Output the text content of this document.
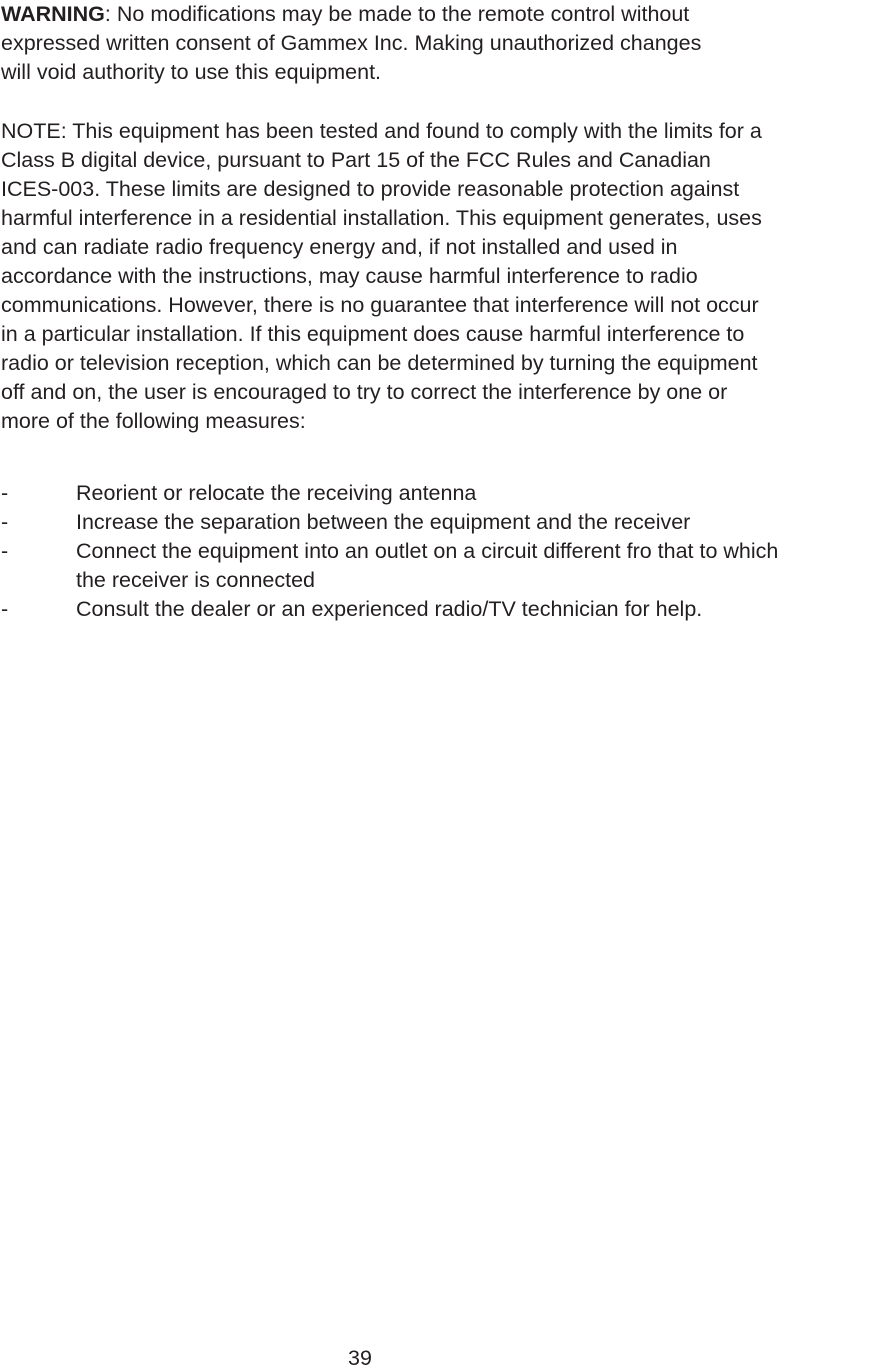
WARNING: No modifications may be made to the remote control without
expressed written consent of Gammex Inc. Making unauthorized changes
will void authority to use this equipment.

NOTE: This equipment has been tested and found to comply with the limits for a
Class B digital device, pursuant to Part 15 of the FCC Rules and Canadian
ICES-003. These limits are designed to provide reasonable protection against
harmful interference in a residential installation. This equipment generates, uses
and can radiate radio frequency energy and, if not installed and used in
accordance with the instructions, may cause harmful interference to radio
communications. However, there is no guarantee that interference will not occur
in a particular installation. If this equipment does cause harmful interference to
radio or television reception, which can be determined by turning the equipment
off and on, the user is encouraged to try to correct the interference by one or
more of the following measures:

-	Reorient or relocate the receiving antenna
-	Increase the separation between the equipment and the receiver
-	Connect the equipment into an outlet on a circuit different fro that to which
the receiver is connected
-	Consult the dealer or an experienced radio/TV technician for help.
39
